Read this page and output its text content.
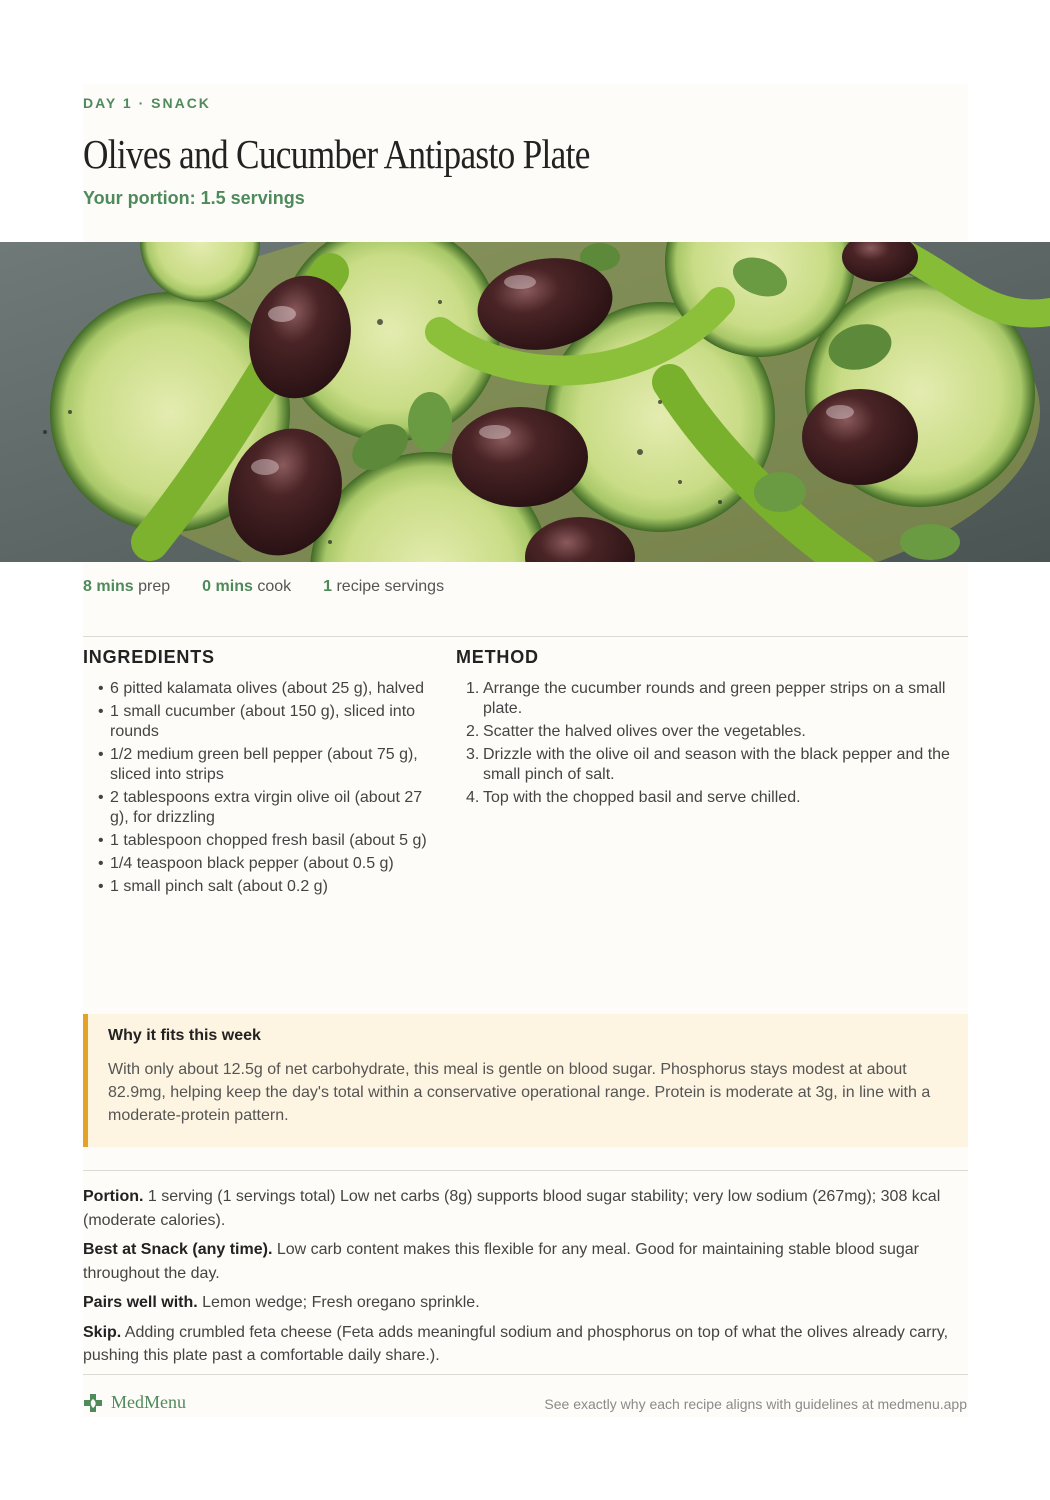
DAY 1 · SNACK
Olives and Cucumber Antipasto Plate
Your portion: 1.5 servings
8 mins prep 0 mins cook 1 recipe servings
INGREDIENTS
• 6 pitted kalamata olives (about 25 g), halved
• 1 small cucumber (about 150 g), sliced into rounds
• 1/2 medium green bell pepper (about 75 g), sliced into strips
• 2 tablespoons extra virgin olive oil (about 27 g), for drizzling
• 1 tablespoon chopped fresh basil (about 5 g)
• 1/4 teaspoon black pepper (about 0.5 g)
• 1 small pinch salt (about 0.2 g)
METHOD
1. Arrange the cucumber rounds and green pepper strips on a small plate.
2. Scatter the halved olives over the vegetables.
3. Drizzle with the olive oil and season with the black pepper and the small pinch of salt.
4. Top with the chopped basil and serve chilled.
Why it fits this week
With only about 12.5g of net carbohydrate, this meal is gentle on blood sugar. Phosphorus stays modest at about 82.9mg, helping keep the day's total within a conservative operational range. Protein is moderate at 3g, in line with a moderate-protein pattern.
Portion. 1 serving (1 servings total) Low net carbs (8g) supports blood sugar stability; very low sodium (267mg); 308 kcal (moderate calories).
Best at Snack (any time). Low carb content makes this flexible for any meal. Good for maintaining stable blood sugar throughout the day.
Pairs well with. Lemon wedge; Fresh oregano sprinkle.
Skip. Adding crumbled feta cheese (Feta adds meaningful sodium and phosphorus on top of what the olives already carry, pushing this plate past a comfortable daily share.).
MedMenu	See exactly why each recipe aligns with guidelines at medmenu.app
